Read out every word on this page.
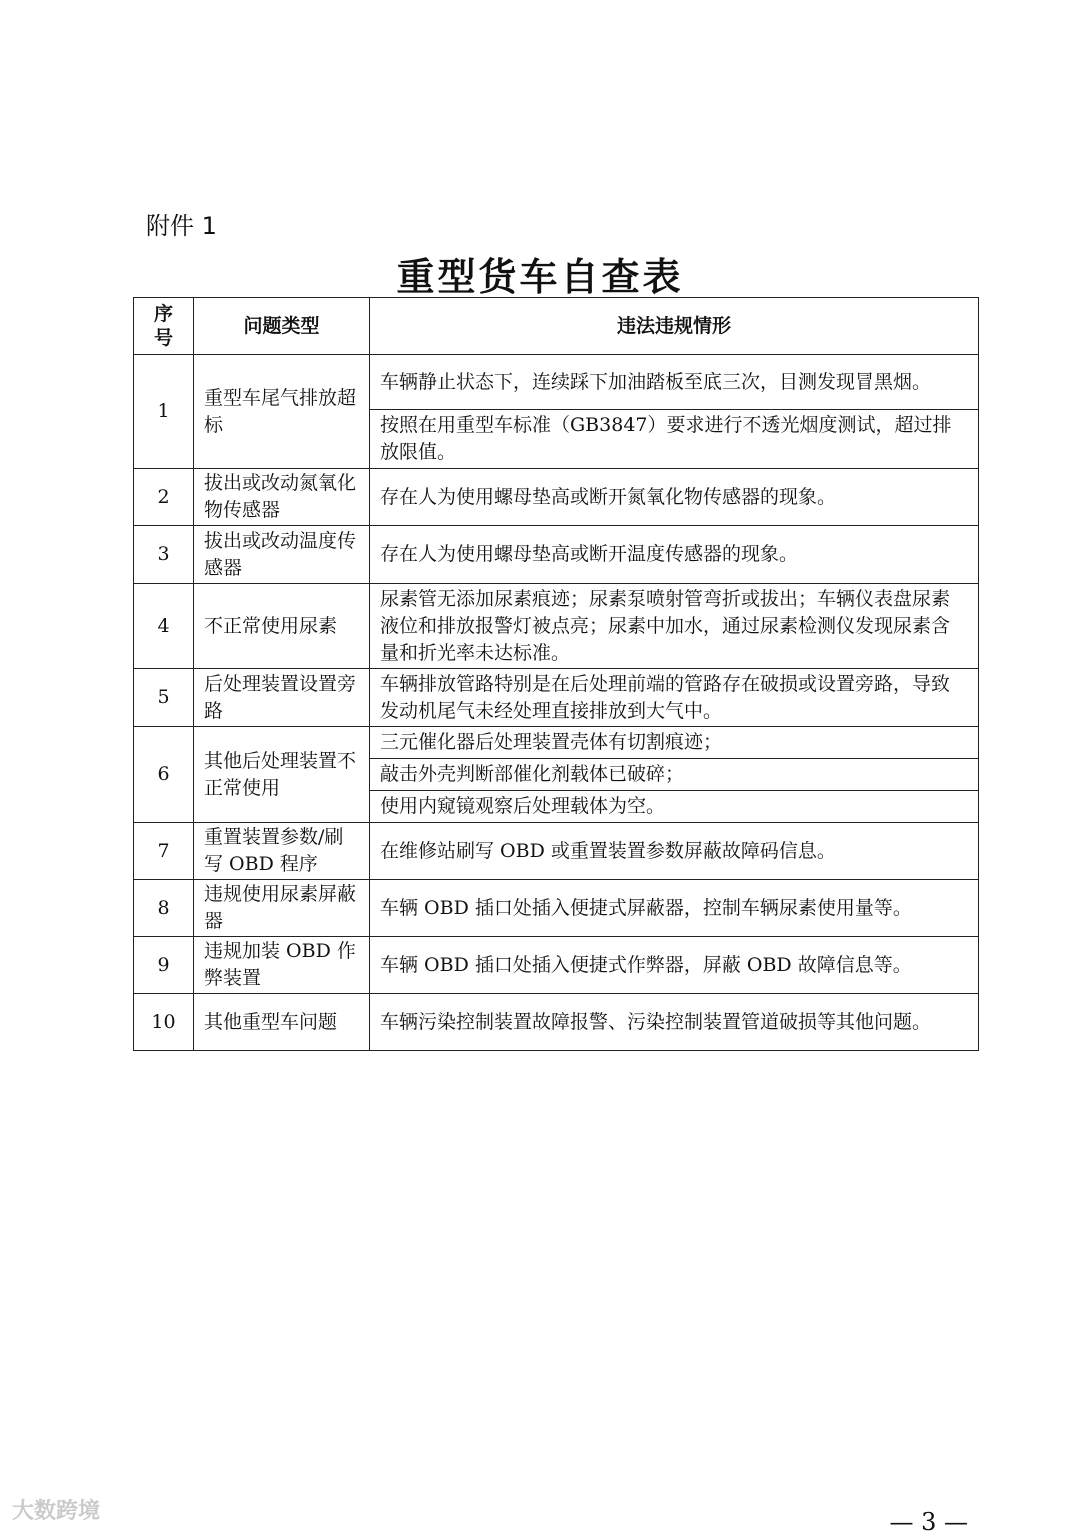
附件 1
重型货车自查表
序号	问题类型	违法违规情形
1	重型车尾气排放超标	车辆静止状态下，连续踩下加油踏板至底三次，目测发现冒黑烟。
		按照在用重型车标准（GB3847）要求进行不透光烟度测试，超过排放限值。
2	拔出或改动氮氧化物传感器	存在人为使用螺母垫高或断开氮氧化物传感器的现象。
3	拔出或改动温度传感器	存在人为使用螺母垫高或断开温度传感器的现象。
4	不正常使用尿素	尿素管无添加尿素痕迹；尿素泵喷射管弯折或拔出；车辆仪表盘尿素液位和排放报警灯被点亮；尿素中加水，通过尿素检测仪发现尿素含量和折光率未达标准。
5	后处理装置设置旁路	车辆排放管路特别是在后处理前端的管路存在破损或设置旁路，导致发动机尾气未经处理直接排放到大气中。
6	其他后处理装置不正常使用	三元催化器后处理装置壳体有切割痕迹；
		敲击外壳判断部催化剂载体已破碎；
		使用内窥镜观察后处理载体为空。
7	重置装置参数/刷写 OBD 程序	在维修站刷写 OBD 或重置装置参数屏蔽故障码信息。
8	违规使用尿素屏蔽器	车辆 OBD 插口处插入便捷式屏蔽器，控制车辆尿素使用量等。
9	违规加装 OBD 作弊装置	车辆 OBD 插口处插入便捷式作弊器，屏蔽 OBD 故障信息等。
10	其他重型车问题	车辆污染控制装置故障报警、污染控制装置管道破损等其他问题。
— 3 —
大数跨境
